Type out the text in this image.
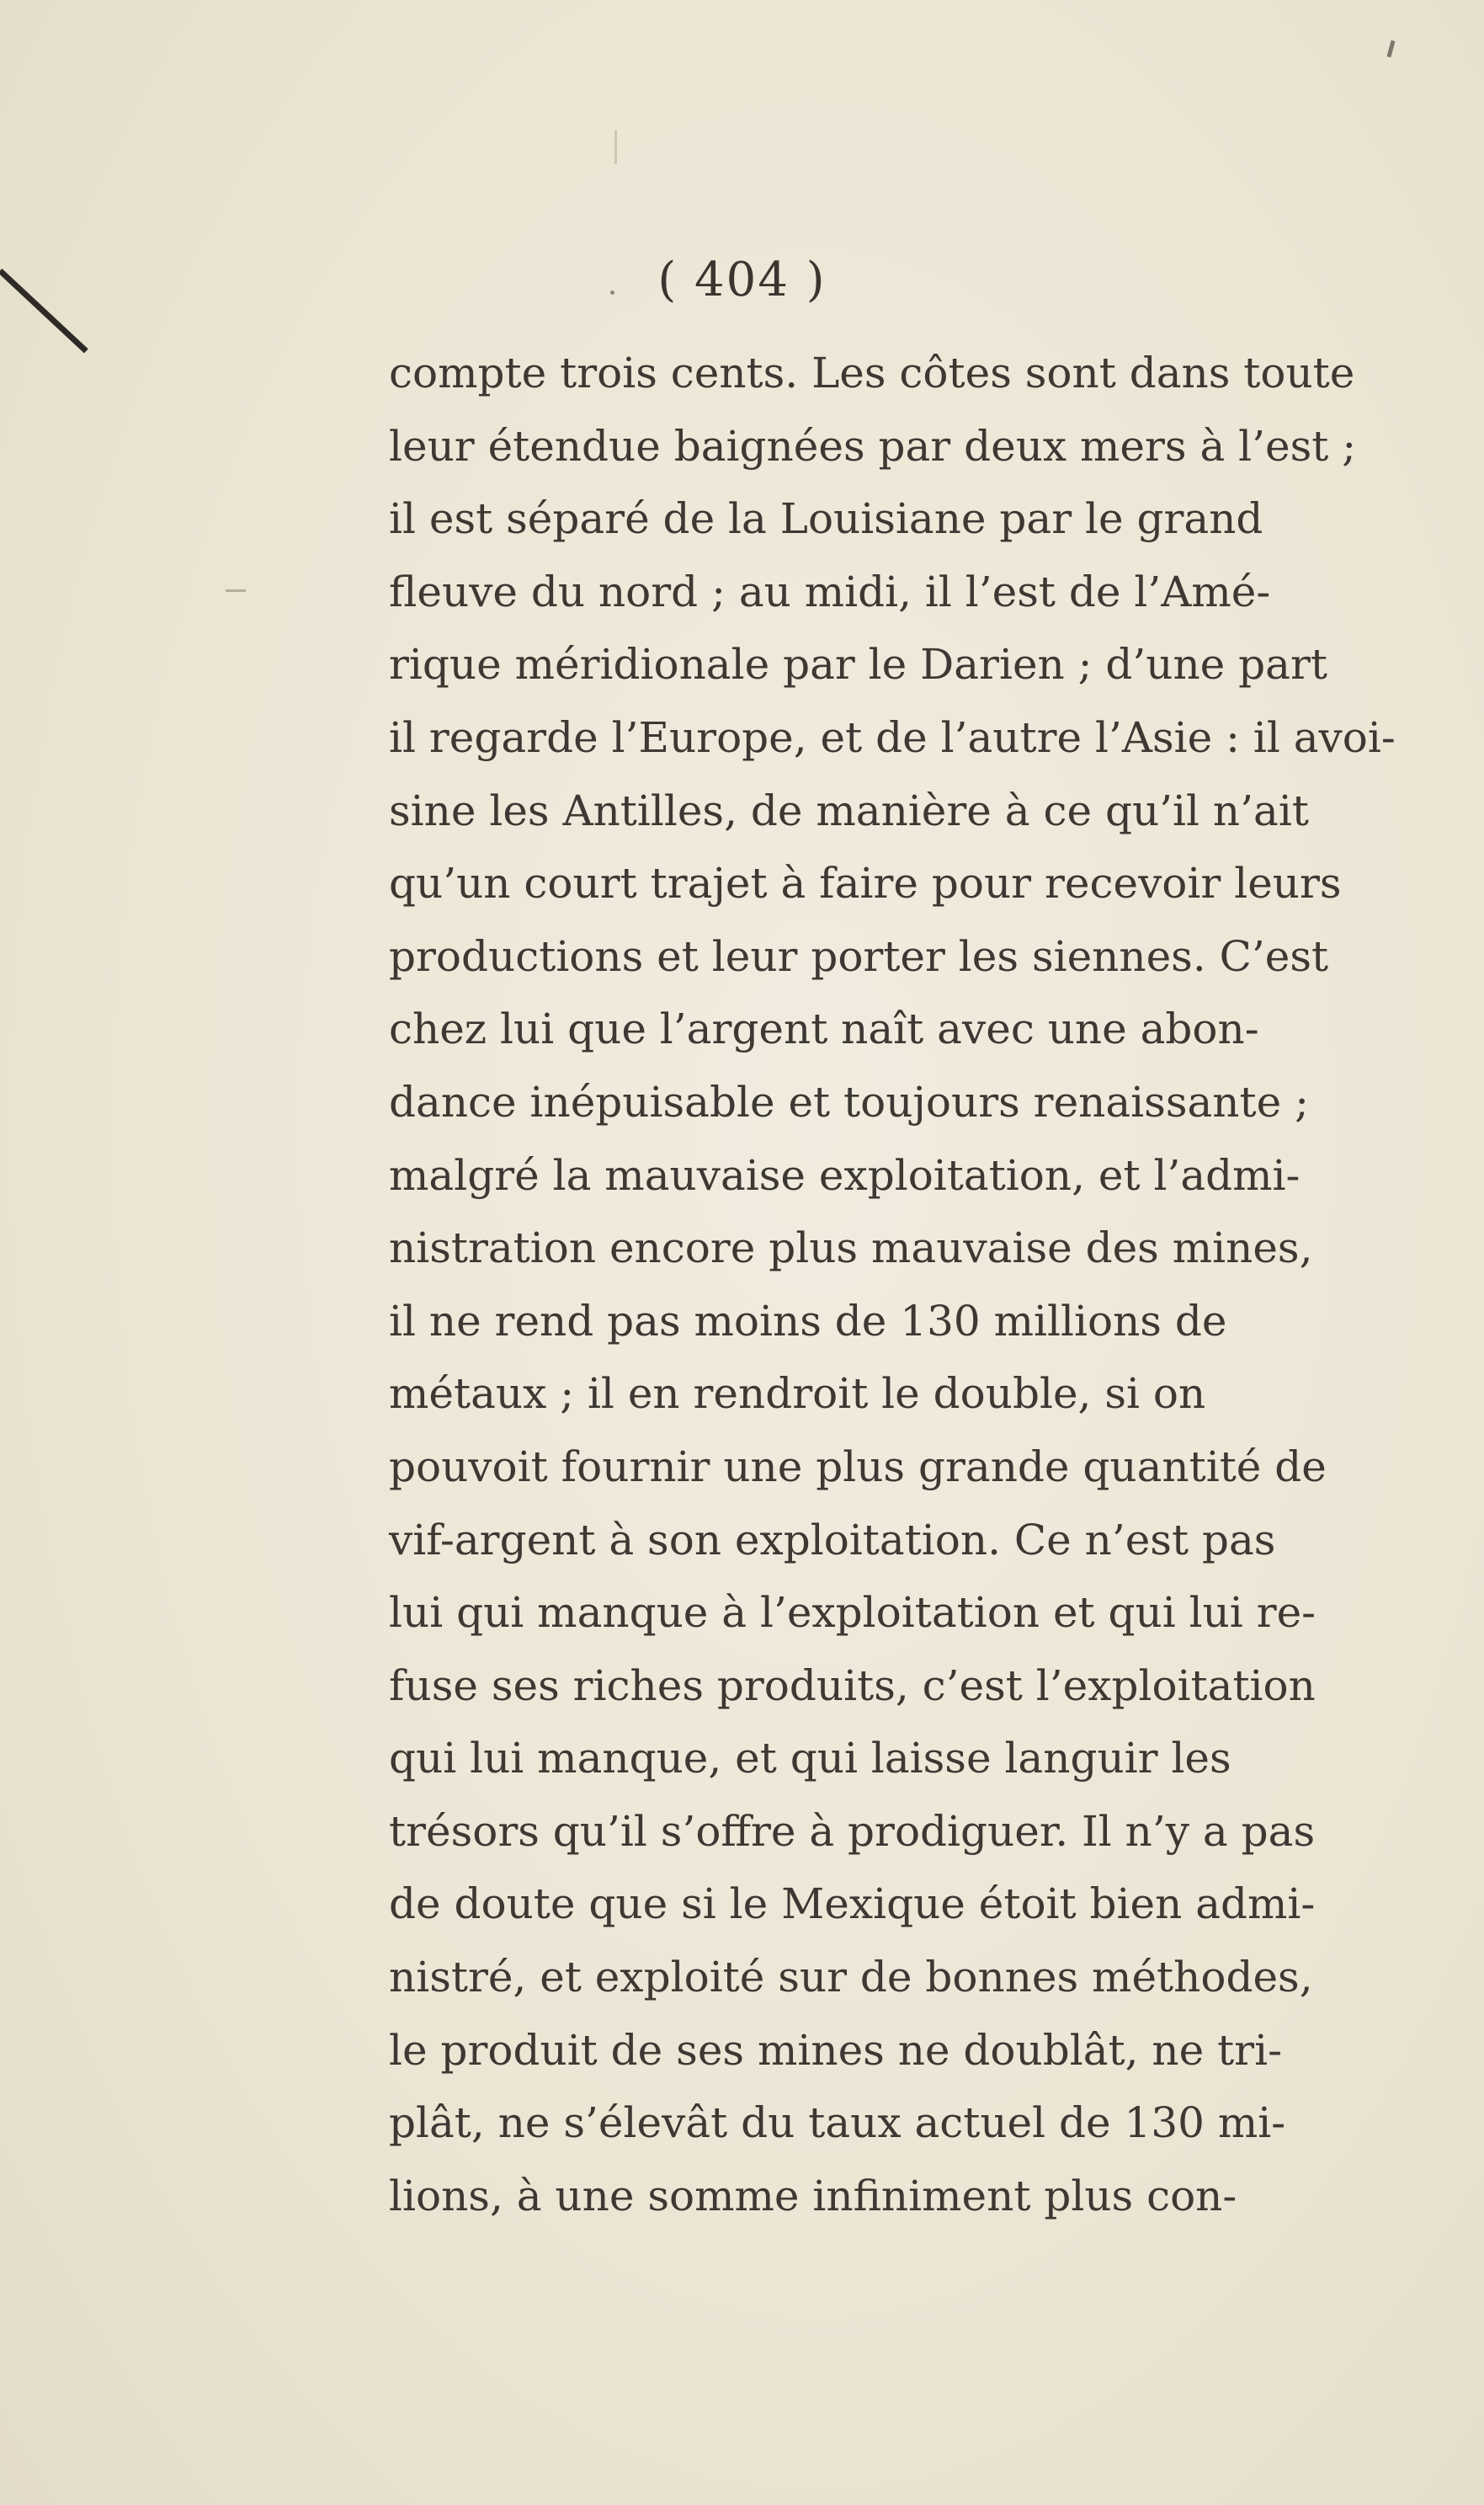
( 404 )
compte trois cents. Les côtes sont dans toute
leur étendue baignées par deux mers à l’est ;
il est séparé de la Louisiane par le grand
fleuve du nord ; au midi, il l’est de l’Amé-
rique méridionale par le Darien ; d’une part
il regarde l’Europe, et de l’autre l’Asie : il avoi-
sine les Antilles, de manière à ce qu’il n’ait
qu’un court trajet à faire pour recevoir leurs
productions et leur porter les siennes. C’est
chez lui que l’argent naît avec une abon-
dance inépuisable et toujours renaissante ;
malgré la mauvaise exploitation, et l’admi-
nistration encore plus mauvaise des mines,
il ne rend pas moins de 130 millions de
métaux ; il en rendroit le double, si on
pouvoit fournir une plus grande quantité de
vif-argent à son exploitation. Ce n’est pas
lui qui manque à l’exploitation et qui lui re-
fuse ses riches produits, c’est l’exploitation
qui lui manque, et qui laisse languir les
trésors qu’il s’offre à prodiguer. Il n’y a pas
de doute que si le Mexique étoit bien admi-
nistré, et exploité sur de bonnes méthodes,
le produit de ses mines ne doublât, ne tri-
plât, ne s’élevât du taux actuel de 130 mi-
lions, à une somme infiniment plus con-
